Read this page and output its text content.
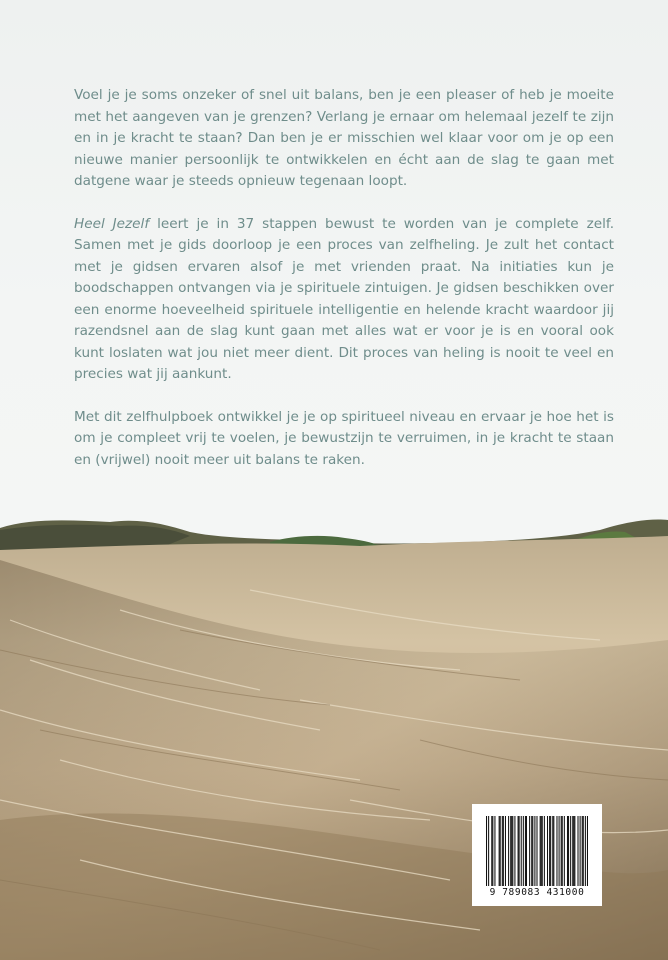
Voel je je soms onzeker of snel uit balans, ben je een pleaser of heb je moeite met het aangeven van je grenzen? Verlang je ernaar om helemaal jezelf te zijn en in je kracht te staan? Dan ben je er misschien wel klaar voor om je op een nieuwe manier persoonlijk te ontwikkelen en écht aan de slag te gaan met datgene waar je steeds opnieuw tegenaan loopt.

Heel Jezelf leert je in 37 stappen bewust te worden van je complete zelf. Samen met je gids doorloop je een proces van zelfheling. Je zult het contact met je gidsen ervaren alsof je met vrienden praat. Na initiaties kun je boodschappen ontvangen via je spirituele zintuigen. Je gidsen beschikken over een enorme hoeveelheid spirituele intelligentie en helende kracht waardoor jij razendsnel aan de slag kunt gaan met alles wat er voor je is en vooral ook kunt loslaten wat jou niet meer dient. Dit proces van heling is nooit te veel en precies wat jij aankunt.

Met dit zelfhulpboek ontwikkel je je op spiritueel niveau en ervaar je hoe het is om je compleet vrij te voelen, je bewustzijn te verruimen, in je kracht te staan en (vrijwel) nooit meer uit balans te raken.

9 789083 431000
